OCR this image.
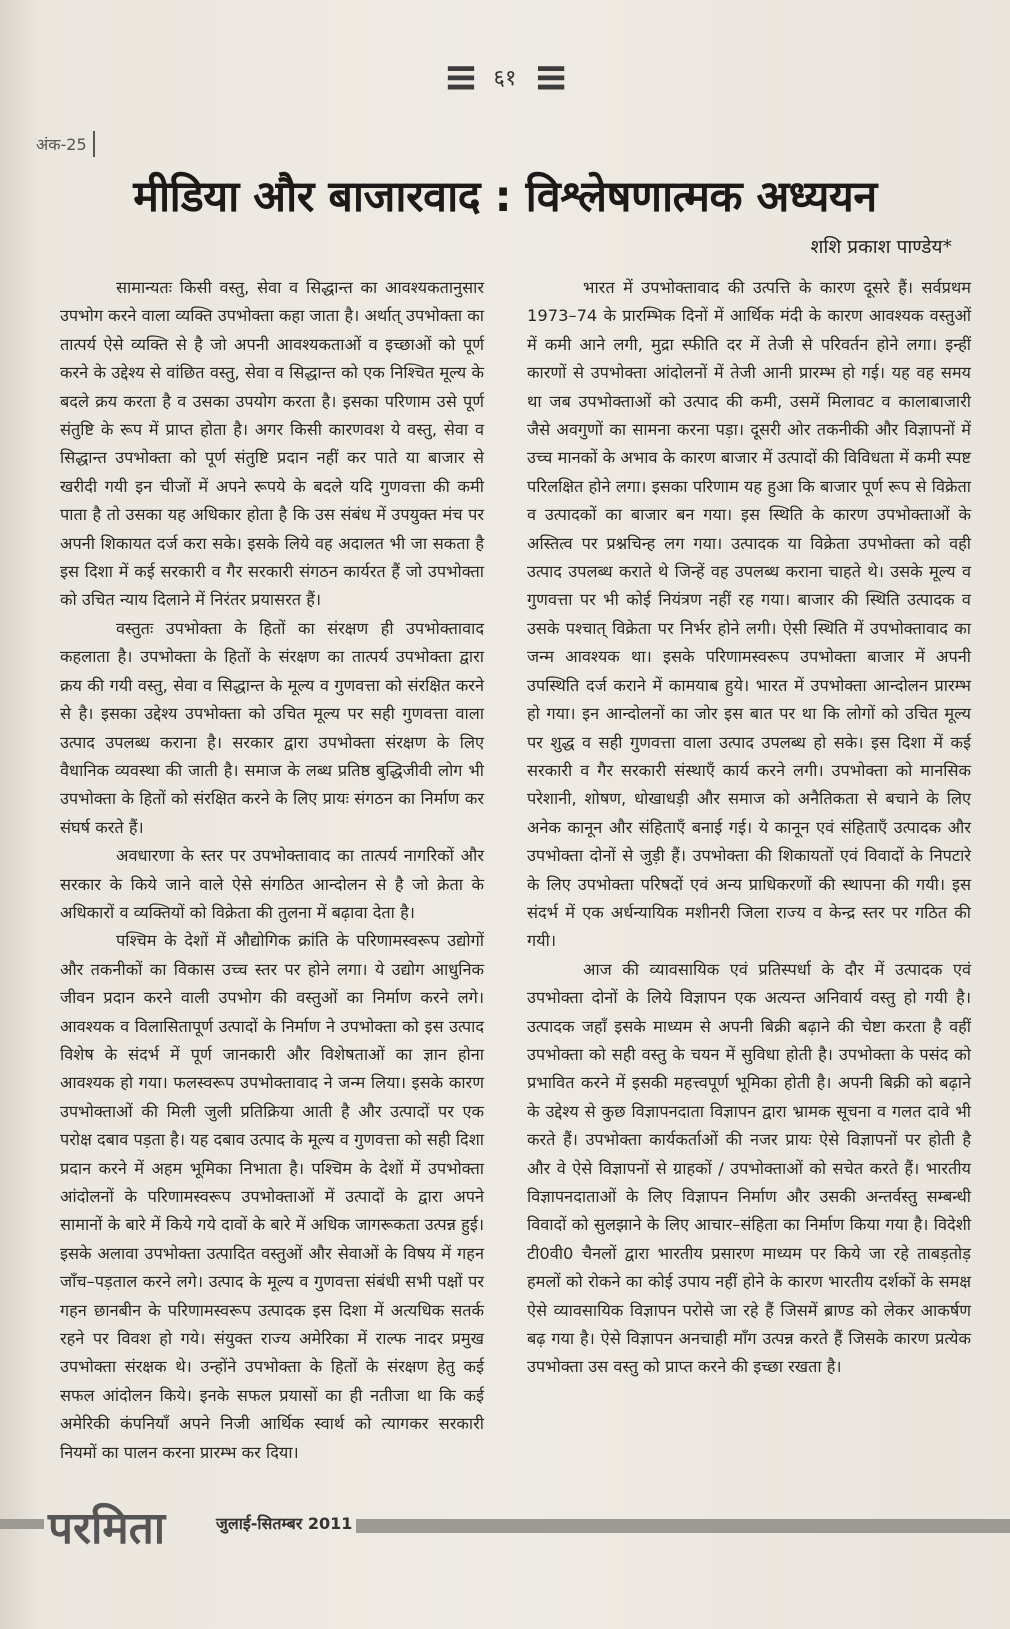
≡ ६१ ≡
अंक-25
मीडिया और बाजारवाद : विश्लेषणात्मक अध्ययन
शशि प्रकाश पाण्डेय*

सामान्यतः किसी वस्तु, सेवा व सिद्धान्त का आवश्यकतानुसार उपभोग करने वाला व्यक्ति उपभोक्ता कहा जाता है। अर्थात् उपभोक्ता का तात्पर्य ऐसे व्यक्ति से है जो अपनी आवश्यकताओं व इच्छाओं को पूर्ण करने के उद्देश्य से वांछित वस्तु, सेवा व सिद्धान्त को एक निश्चित मूल्य के बदले क्रय करता है व उसका उपयोग करता है। इसका परिणाम उसे पूर्ण संतुष्टि के रूप में प्राप्त होता है। अगर किसी कारणवश ये वस्तु, सेवा व सिद्धान्त उपभोक्ता को पूर्ण संतुष्टि प्रदान नहीं कर पाते या बाजार से खरीदी गयी इन चीजों में अपने रूपये के बदले यदि गुणवत्ता की कमी पाता है तो उसका यह अधिकार होता है कि उस संबंध में उपयुक्त मंच पर अपनी शिकायत दर्ज करा सके। इसके लिये वह अदालत भी जा सकता है इस दिशा में कई सरकारी व गैर सरकारी संगठन कार्यरत हैं जो उपभोक्ता को उचित न्याय दिलाने में निरंतर प्रयासरत हैं।

वस्तुतः उपभोक्ता के हितों का संरक्षण ही उपभोक्तावाद कहलाता है। उपभोक्ता के हितों के संरक्षण का तात्पर्य उपभोक्ता द्वारा क्रय की गयी वस्तु, सेवा व सिद्धान्त के मूल्य व गुणवत्ता को संरक्षित करने से है। इसका उद्देश्य उपभोक्ता को उचित मूल्य पर सही गुणवत्ता वाला उत्पाद उपलब्ध कराना है। सरकार द्वारा उपभोक्ता संरक्षण के लिए वैधानिक व्यवस्था की जाती है। समाज के लब्ध प्रतिष्ठ बुद्धिजीवी लोग भी उपभोक्ता के हितों को संरक्षित करने के लिए प्रायः संगठन का निर्माण कर संघर्ष करते हैं।

अवधारणा के स्तर पर उपभोक्तावाद का तात्पर्य नागरिकों और सरकार के किये जाने वाले ऐसे संगठित आन्दोलन से है जो क्रेता के अधिकारों व व्यक्तियों को विक्रेता की तुलना में बढ़ावा देता है।

पश्चिम के देशों में औद्योगिक क्रांति के परिणामस्वरूप उद्योगों और तकनीकों का विकास उच्च स्तर पर होने लगा। ये उद्योग आधुनिक जीवन प्रदान करने वाली उपभोग की वस्तुओं का निर्माण करने लगे। आवश्यक व विलासितापूर्ण उत्पादों के निर्माण ने उपभोक्ता को इस उत्पाद विशेष के संदर्भ में पूर्ण जानकारी और विशेषताओं का ज्ञान होना आवश्यक हो गया। फलस्वरूप उपभोक्तावाद ने जन्म लिया। इसके कारण उपभोक्ताओं की मिली जुली प्रतिक्रिया आती है और उत्पादों पर एक परोक्ष दबाव पड़ता है। यह दबाव उत्पाद के मूल्य व गुणवत्ता को सही दिशा प्रदान करने में अहम भूमिका निभाता है। पश्चिम के देशों में उपभोक्ता आंदोलनों के परिणामस्वरूप उपभोक्ताओं में उत्पादों के द्वारा अपने सामानों के बारे में किये गये दावों के बारे में अधिक जागरूकता उत्पन्न हुई। इसके अलावा उपभोक्ता उत्पादित वस्तुओं और सेवाओं के विषय में गहन जाँच–पड़ताल करने लगे। उत्पाद के मूल्य व गुणवत्ता संबंधी सभी पक्षों पर गहन छानबीन के परिणामस्वरूप उत्पादक इस दिशा में अत्यधिक सतर्क रहने पर विवश हो गये। संयुक्त राज्य अमेरिका में राल्फ नादर प्रमुख उपभोक्ता संरक्षक थे। उन्होंने उपभोक्ता के हितों के संरक्षण हेतु कई सफल आंदोलन किये। इनके सफल प्रयासों का ही नतीजा था कि कई अमेरिकी कंपनियाँ अपने निजी आर्थिक स्वार्थ को त्यागकर सरकारी नियमों का पालन करना प्रारम्भ कर दिया।

भारत में उपभोक्तावाद की उत्पत्ति के कारण दूसरे हैं। सर्वप्रथम 1973–74 के प्रारम्भिक दिनों में आर्थिक मंदी के कारण आवश्यक वस्तुओं में कमी आने लगी, मुद्रा स्फीति दर में तेजी से परिवर्तन होने लगा। इन्हीं कारणों से उपभोक्ता आंदोलनों में तेजी आनी प्रारम्भ हो गई। यह वह समय था जब उपभोक्ताओं को उत्पाद की कमी, उसमें मिलावट व कालाबाजारी जैसे अवगुणों का सामना करना पड़ा। दूसरी ओर तकनीकी और विज्ञापनों में उच्च मानकों के अभाव के कारण बाजार में उत्पादों की विविधता में कमी स्पष्ट परिलक्षित होने लगा। इसका परिणाम यह हुआ कि बाजार पूर्ण रूप से विक्रेता व उत्पादकों का बाजार बन गया। इस स्थिति के कारण उपभोक्ताओं के अस्तित्व पर प्रश्नचिन्ह लग गया। उत्पादक या विक्रेता उपभोक्ता को वही उत्पाद उपलब्ध कराते थे जिन्हें वह उपलब्ध कराना चाहते थे। उसके मूल्य व गुणवत्ता पर भी कोई नियंत्रण नहीं रह गया। बाजार की स्थिति उत्पादक व उसके पश्चात् विक्रेता पर निर्भर होने लगी। ऐसी स्थिति में उपभोक्तावाद का जन्म आवश्यक था। इसके परिणामस्वरूप उपभोक्ता बाजार में अपनी उपस्थिति दर्ज कराने में कामयाब हुये। भारत में उपभोक्ता आन्दोलन प्रारम्भ हो गया। इन आन्दोलनों का जोर इस बात पर था कि लोगों को उचित मूल्य पर शुद्ध व सही गुणवत्ता वाला उत्पाद उपलब्ध हो सके। इस दिशा में कई सरकारी व गैर सरकारी संस्थाएँ कार्य करने लगी। उपभोक्ता को मानसिक परेशानी, शोषण, धोखाधड़ी और समाज को अनैतिकता से बचाने के लिए अनेक कानून और संहिताएँ बनाई गई। ये कानून एवं संहिताएँ उत्पादक और उपभोक्ता दोनों से जुड़ी हैं। उपभोक्ता की शिकायतों एवं विवादों के निपटारे के लिए उपभोक्ता परिषदों एवं अन्य प्राधिकरणों की स्थापना की गयी। इस संदर्भ में एक अर्धन्यायिक मशीनरी जिला राज्य व केन्द्र स्तर पर गठित की गयी।

आज की व्यावसायिक एवं प्रतिस्पर्धा के दौर में उत्पादक एवं उपभोक्ता दोनों के लिये विज्ञापन एक अत्यन्त अनिवार्य वस्तु हो गयी है। उत्पादक जहाँ इसके माध्यम से अपनी बिक्री बढ़ाने की चेष्टा करता है वहीं उपभोक्ता को सही वस्तु के चयन में सुविधा होती है। उपभोक्ता के पसंद को प्रभावित करने में इसकी महत्त्वपूर्ण भूमिका होती है। अपनी बिक्री को बढ़ाने के उद्देश्य से कुछ विज्ञापनदाता विज्ञापन द्वारा भ्रामक सूचना व गलत दावे भी करते हैं। उपभोक्ता कार्यकर्ताओं की नजर प्रायः ऐसे विज्ञापनों पर होती है और वे ऐसे विज्ञापनों से ग्राहकों / उपभोक्ताओं को सचेत करते हैं। भारतीय विज्ञापनदाताओं के लिए विज्ञापन निर्माण और उसकी अन्तर्वस्तु सम्बन्धी विवादों को सुलझाने के लिए आचार–संहिता का निर्माण किया गया है। विदेशी टी0वी0 चैनलों द्वारा भारतीय प्रसारण माध्यम पर किये जा रहे ताबड़तोड़ हमलों को रोकने का कोई उपाय नहीं होने के कारण भारतीय दर्शकों के समक्ष ऐसे व्यावसायिक विज्ञापन परोसे जा रहे हैं जिसमें ब्राण्ड को लेकर आकर्षण बढ़ गया है। ऐसे विज्ञापन अनचाही माँग उत्पन्न करते हैं जिसके कारण प्रत्येक उपभोक्ता उस वस्तु को प्राप्त करने की इच्छा रखता है।

परमिता	जुलाई-सितम्बर 2011
